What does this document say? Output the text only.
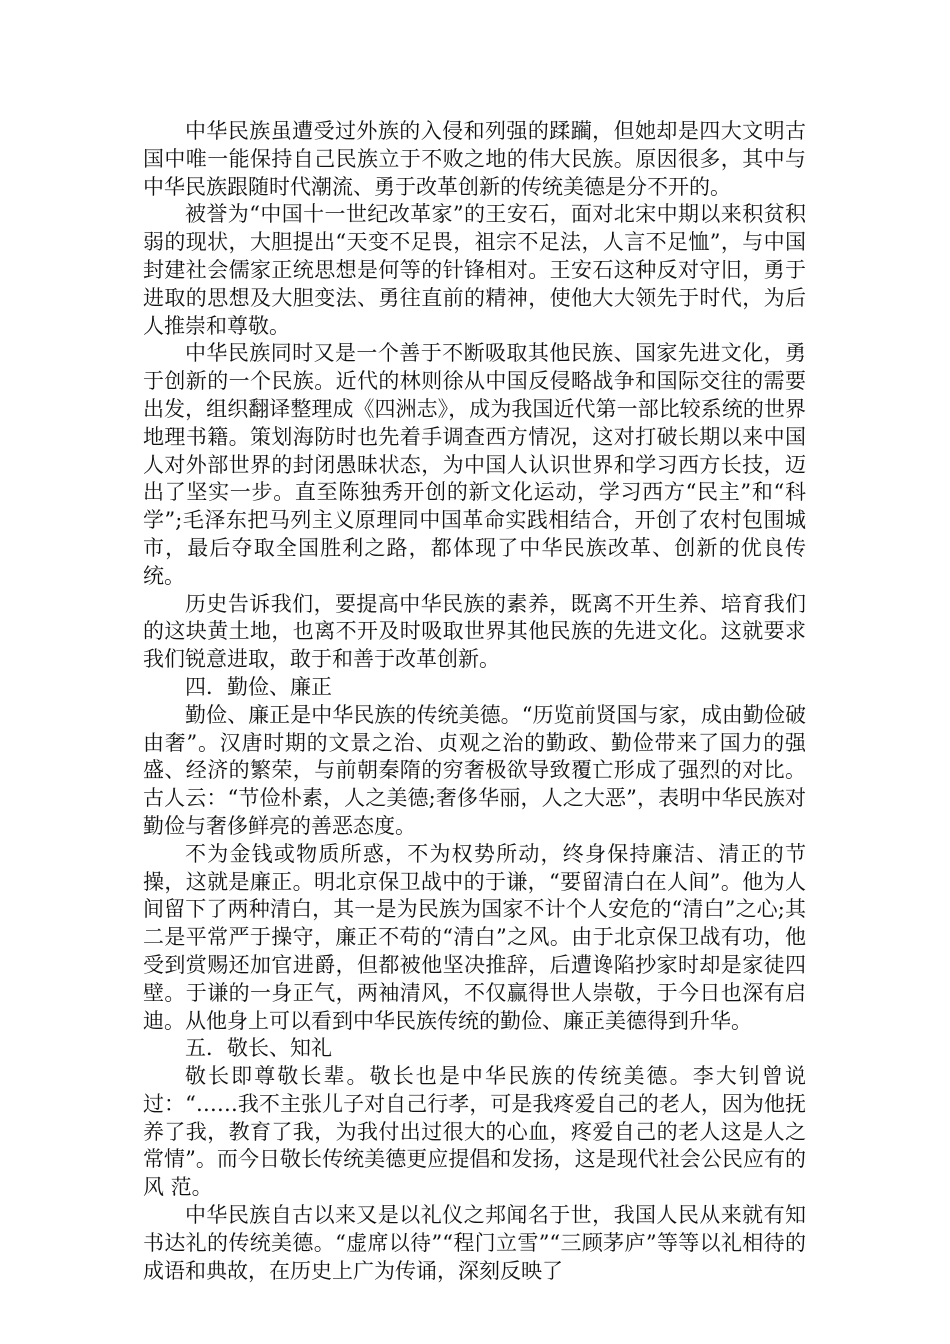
中华民族虽遭受过外族的入侵和列强的蹂躏，但她却是四大文明古国中唯一能保持自己民族立于不败之地的伟大民族。原因很多，其中与中华民族跟随时代潮流、勇于改革创新的传统美德是分不开的。

被誉为“中国十一世纪改革家”的王安石，面对北宋中期以来积贫积弱的现状，大胆提出“天变不足畏，祖宗不足法，人言不足恤”，与中国封建社会儒家正统思想是何等的针锋相对。王安石这种反对守旧，勇于进取的思想及大胆变法、勇往直前的精神，使他大大领先于时代，为后人推崇和尊敬。

中华民族同时又是一个善于不断吸取其他民族、国家先进文化，勇于创新的一个民族。近代的林则徐从中国反侵略战争和国际交往的需要出发，组织翻译整理成《四洲志》，成为我国近代第一部比较系统的世界地理书籍。策划海防时也先着手调查西方情况，这对打破长期以来中国人对外部世界的封闭愚昧状态，为中国人认识世界和学习西方长技，迈出了坚实一步。直至陈独秀开创的新文化运动，学习西方“民主”和“科学”;毛泽东把马列主义原理同中国革命实践相结合，开创了农村包围城市，最后夺取全国胜利之路，都体现了中华民族改革、创新的优良传统。

历史告诉我们，要提高中华民族的素养，既离不开生养、培育我们的这块黄土地，也离不开及时吸取世界其他民族的先进文化。这就要求我们锐意进取，敢于和善于改革创新。

四．勤俭、廉正

勤俭、廉正是中华民族的传统美德。“历览前贤国与家，成由勤俭破由奢”。汉唐时期的文景之治、贞观之治的勤政、勤俭带来了国力的强盛、经济的繁荣，与前朝秦隋的穷奢极欲导致覆亡形成了强烈的对比。古人云：“节俭朴素，人之美德;奢侈华丽，人之大恶”，表明中华民族对勤俭与奢侈鲜亮的善恶态度。

不为金钱或物质所惑，不为权势所动，终身保持廉洁、清正的节操，这就是廉正。明北京保卫战中的于谦，“要留清白在人间”。他为人间留下了两种清白，其一是为民族为国家不计个人安危的“清白”之心;其二是平常严于操守，廉正不苟的“清白”之风。由于北京保卫战有功，他受到赏赐还加官进爵，但都被他坚决推辞，后遭谗陷抄家时却是家徒四壁。于谦的一身正气，两袖清风，不仅赢得世人崇敬，于今日也深有启迪。从他身上可以看到中华民族传统的勤俭、廉正美德得到升华。

五．敬长、知礼

敬长即尊敬长辈。敬长也是中华民族的传统美德。李大钊曾说过：“……我不主张儿子对自己行孝，可是我疼爱自己的老人，因为他抚养了我，教育了我，为我付出过很大的心血，疼爱自己的老人这是人之常情”。而今日敬长传统美德更应提倡和发扬，这是现代社会公民应有的风 范。

中华民族自古以来又是以礼仪之邦闻名于世，我国人民从来就有知书达礼的传统美德。“虚席以待”“程门立雪”“三顾茅庐”等等以礼相待的成语和典故，在历史上广为传诵，深刻反映了
